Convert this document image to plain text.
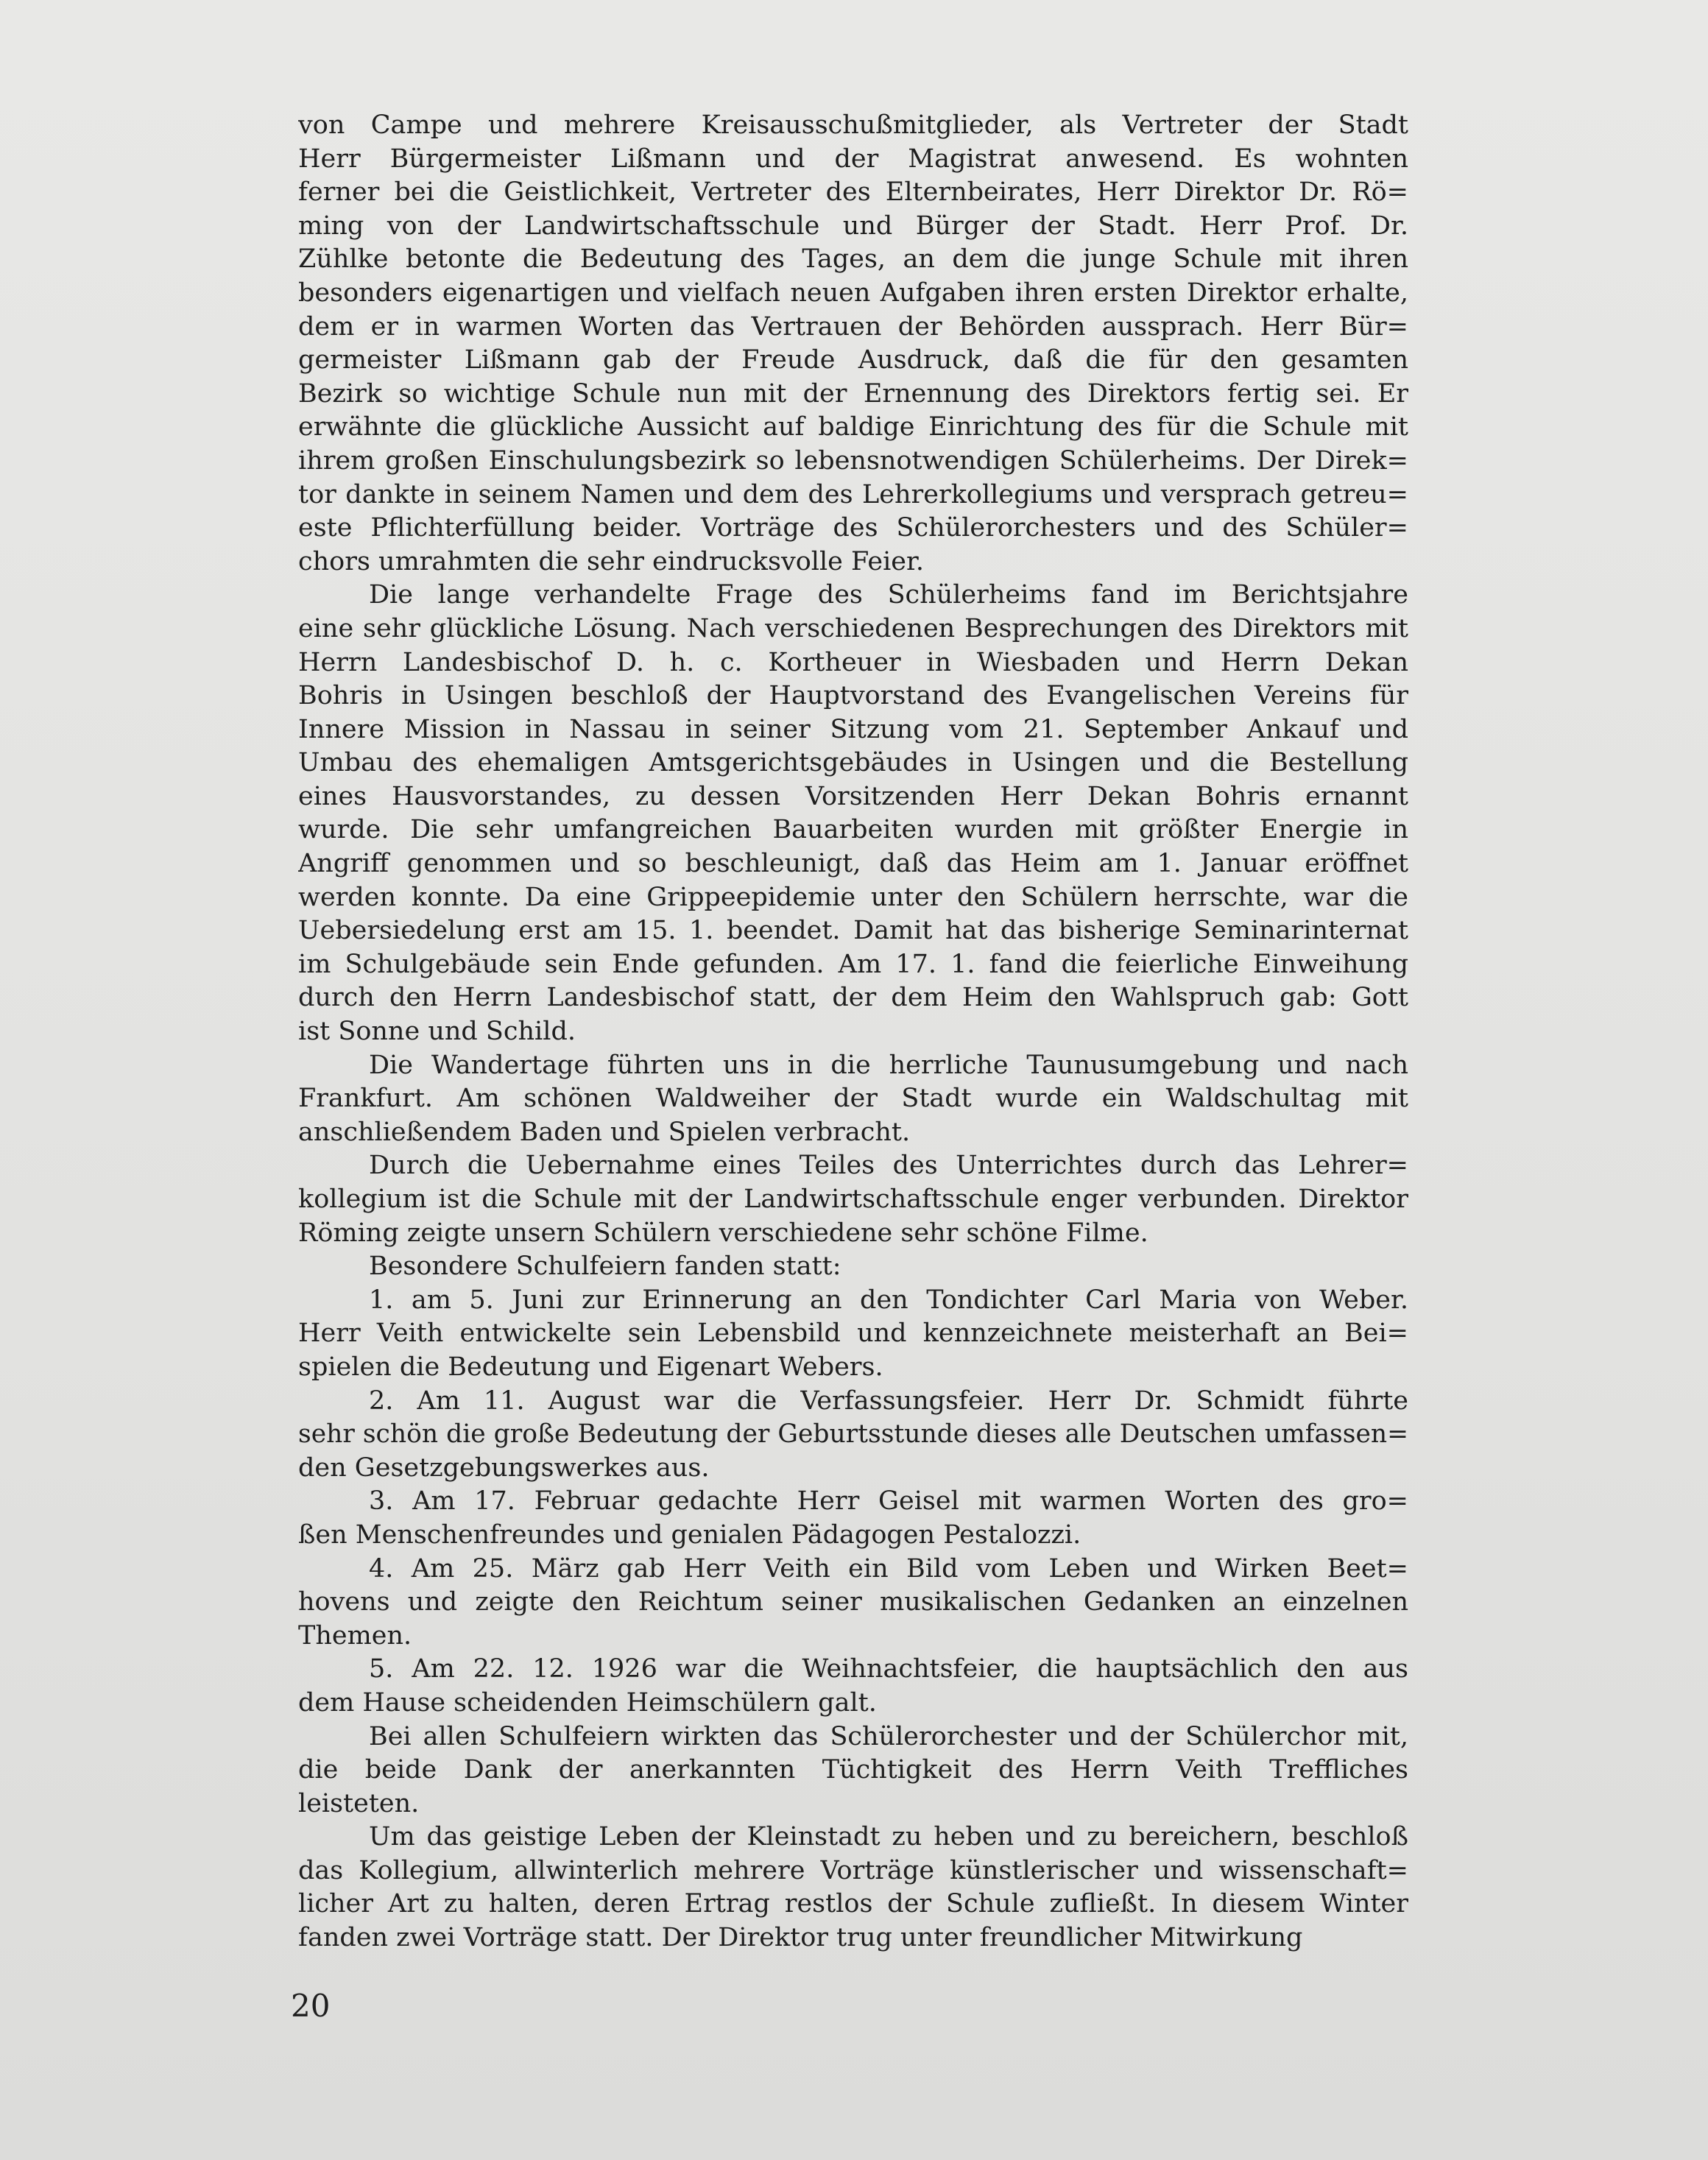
von Campe und mehrere Kreisausschußmitglieder, als Vertreter der Stadt
Herr Bürgermeister Lißmann und der Magistrat anwesend. Es wohnten
ferner bei die Geistlichkeit, Vertreter des Elternbeirates, Herr Direktor Dr. Rö=
ming von der Landwirtschaftsschule und Bürger der Stadt. Herr Prof. Dr.
Zühlke betonte die Bedeutung des Tages, an dem die junge Schule mit ihren
besonders eigenartigen und vielfach neuen Aufgaben ihren ersten Direktor erhalte,
dem er in warmen Worten das Vertrauen der Behörden aussprach. Herr Bür=
germeister Lißmann gab der Freude Ausdruck, daß die für den gesamten
Bezirk so wichtige Schule nun mit der Ernennung des Direktors fertig sei. Er
erwähnte die glückliche Aussicht auf baldige Einrichtung des für die Schule mit
ihrem großen Einschulungsbezirk so lebensnotwendigen Schülerheims. Der Direk=
tor dankte in seinem Namen und dem des Lehrerkollegiums und versprach getreu=
este Pflichterfüllung beider. Vorträge des Schülerorchesters und des Schüler=
chors umrahmten die sehr eindrucksvolle Feier.
Die lange verhandelte Frage des Schülerheims fand im Berichtsjahre
eine sehr glückliche Lösung. Nach verschiedenen Besprechungen des Direktors mit
Herrn Landesbischof D. h. c. Kortheuer in Wiesbaden und Herrn Dekan
Bohris in Usingen beschloß der Hauptvorstand des Evangelischen Vereins für
Innere Mission in Nassau in seiner Sitzung vom 21. September Ankauf und
Umbau des ehemaligen Amtsgerichtsgebäudes in Usingen und die Bestellung
eines Hausvorstandes, zu dessen Vorsitzenden Herr Dekan Bohris ernannt
wurde. Die sehr umfangreichen Bauarbeiten wurden mit größter Energie in
Angriff genommen und so beschleunigt, daß das Heim am 1. Januar eröffnet
werden konnte. Da eine Grippeepidemie unter den Schülern herrschte, war die
Uebersiedelung erst am 15. 1. beendet. Damit hat das bisherige Seminarinternat
im Schulgebäude sein Ende gefunden. Am 17. 1. fand die feierliche Einweihung
durch den Herrn Landesbischof statt, der dem Heim den Wahlspruch gab: Gott
ist Sonne und Schild.
Die Wandertage führten uns in die herrliche Taunusumgebung und nach
Frankfurt. Am schönen Waldweiher der Stadt wurde ein Waldschultag mit
anschließendem Baden und Spielen verbracht.
Durch die Uebernahme eines Teiles des Unterrichtes durch das Lehrer=
kollegium ist die Schule mit der Landwirtschaftsschule enger verbunden. Direktor
Röming zeigte unsern Schülern verschiedene sehr schöne Filme.
Besondere Schulfeiern fanden statt:
1. am 5. Juni zur Erinnerung an den Tondichter Carl Maria von Weber.
Herr Veith entwickelte sein Lebensbild und kennzeichnete meisterhaft an Bei=
spielen die Bedeutung und Eigenart Webers.
2. Am 11. August war die Verfassungsfeier. Herr Dr. Schmidt führte
sehr schön die große Bedeutung der Geburtsstunde dieses alle Deutschen umfassen=
den Gesetzgebungswerkes aus.
3. Am 17. Februar gedachte Herr Geisel mit warmen Worten des gro=
ßen Menschenfreundes und genialen Pädagogen Pestalozzi.
4. Am 25. März gab Herr Veith ein Bild vom Leben und Wirken Beet=
hovens und zeigte den Reichtum seiner musikalischen Gedanken an einzelnen
Themen.
5. Am 22. 12. 1926 war die Weihnachtsfeier, die hauptsächlich den aus
dem Hause scheidenden Heimschülern galt.
Bei allen Schulfeiern wirkten das Schülerorchester und der Schülerchor mit,
die beide Dank der anerkannten Tüchtigkeit des Herrn Veith Treffliches
leisteten.
Um das geistige Leben der Kleinstadt zu heben und zu bereichern, beschloß
das Kollegium, allwinterlich mehrere Vorträge künstlerischer und wissenschaft=
licher Art zu halten, deren Ertrag restlos der Schule zufließt. In diesem Winter
fanden zwei Vorträge statt. Der Direktor trug unter freundlicher Mitwirkung
20
